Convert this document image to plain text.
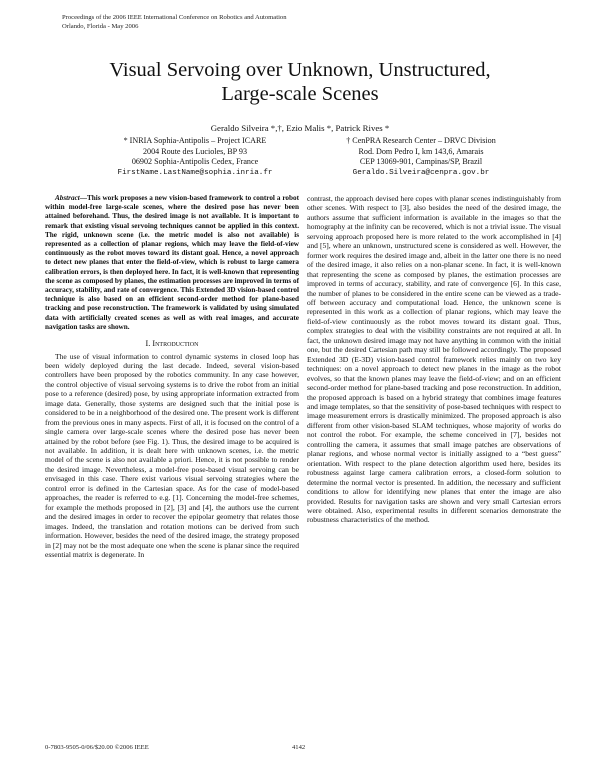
Proceedings of the 2006 IEEE International Conference on Robotics and Automation
Orlando, Florida - May 2006
Visual Servoing over Unknown, Unstructured,
Large-scale Scenes
Geraldo Silveira *,†, Ezio Malis *, Patrick Rives *
* INRIA Sophia-Antipolis – Project ICARE
2004 Route des Lucioles, BP 93
06902 Sophia-Antipolis Cedex, France
FirstName.LastName@sophia.inria.fr
† CenPRA Research Center – DRVC Division
Rod. Dom Pedro I, km 143,6, Amarais
CEP 13069-901, Campinas/SP, Brazil
Geraldo.Silveira@cenpra.gov.br

Abstract—This work proposes a new vision-based framework to control a robot within model-free large-scale scenes, where the desired pose has never been attained beforehand. Thus, the desired image is not available. It is important to remark that existing visual servoing techniques cannot be applied in this context. The rigid, unknown scene (i.e. the metric model is also not available) is represented as a collection of planar regions, which may leave the field-of-view continuously as the robot moves toward its distant goal. Hence, a novel approach to detect new planes that enter the field-of-view, which is robust to large camera calibration errors, is then deployed here. In fact, it is well-known that representing the scene as composed by planes, the estimation processes are improved in terms of accuracy, stability, and rate of convergence. This Extended 3D vision-based control technique is also based on an efficient second-order method for plane-based tracking and pose reconstruction. The framework is validated by using simulated data with artificially created scenes as well as with real images, and accurate navigation tasks are shown.

I. Introduction

The use of visual information to control dynamic systems in closed loop has been widely deployed during the last decade. Indeed, several vision-based controllers have been proposed by the robotics community. In any case however, the control objective of visual servoing systems is to drive the robot from an initial pose to a reference (desired) pose, by using appropriate information extracted from image data. Generally, those systems are designed such that the initial pose is considered to be in a neighborhood of the desired one. The present work is different from the previous ones in many aspects. First of all, it is focused on the control of a single camera over large-scale scenes where the desired pose has never been attained by the robot before (see Fig. 1). Thus, the desired image to be acquired is not available. In addition, it is dealt here with unknown scenes, i.e. the metric model of the scene is also not available a priori. Hence, it is not possible to render the desired image. Nevertheless, a model-free pose-based visual servoing can be envisaged in this case. There exist various visual servoing strategies where the control error is defined in the Cartesian space. As for the case of model-based approaches, the reader is referred to e.g. [1]. Concerning the model-free schemes, for example the methods proposed in [2], [3] and [4], the authors use the current and the desired images in order to recover the epipolar geometry that relates those images. Indeed, the translation and rotation motions can be derived from such information. However, besides the need of the desired image, the strategy proposed in [2] may not be the most adequate one when the scene is planar since the required essential matrix is degenerate. In

contrast, the approach devised here copes with planar scenes indistinguishably from other scenes. With respect to [3], also besides the need of the desired image, the authors assume that sufficient information is available in the images so that the homography at the infinity can be recovered, which is not a trivial issue. The visual servoing approach proposed here is more related to the work accomplished in [4] and [5], where an unknown, unstructured scene is considered as well. However, the former work requires the desired image and, albeit in the latter one there is no need of the desired image, it also relies on a non-planar scene. In fact, it is well-known that representing the scene as composed by planes, the estimation processes are improved in terms of accuracy, stability, and rate of convergence [6]. In this case, the number of planes to be considered in the entire scene can be viewed as a trade-off between accuracy and computational load. Hence, the unknown scene is represented in this work as a collection of planar regions, which may leave the field-of-view continuously as the robot moves toward its distant goal. Thus, complex strategies to deal with the visibility constraints are not required at all. In fact, the unknown desired image may not have anything in common with the initial one, but the desired Cartesian path may still be followed accordingly. The proposed Extended 3D (E-3D) vision-based control framework relies mainly on two key techniques: on a novel approach to detect new planes in the image as the robot evolves, so that the known planes may leave the field-of-view; and on an efficient second-order method for plane-based tracking and pose reconstruction. In addition, the proposed approach is based on a hybrid strategy that combines image features and image templates, so that the sensitivity of pose-based techniques with respect to image measurement errors is drastically minimized. The proposed approach is also different from other vision-based SLAM techniques, whose majority of works do not control the robot. For example, the scheme conceived in [7], besides not controlling the camera, it assumes that small image patches are observations of planar regions, and whose normal vector is initially assigned to a “best guess” orientation. With respect to the plane detection algorithm used here, besides its robustness against large camera calibration errors, a closed-form solution to determine the normal vector is presented. In addition, the necessary and sufficient conditions to allow for identifying new planes that enter the image are also provided. Results for navigation tasks are shown and very small Cartesian errors were obtained. Also, experimental results in different scenarios demonstrate the robustness characteristics of the method.

0-7803-9505-0/06/$20.00 ©2006 IEEE	4142
